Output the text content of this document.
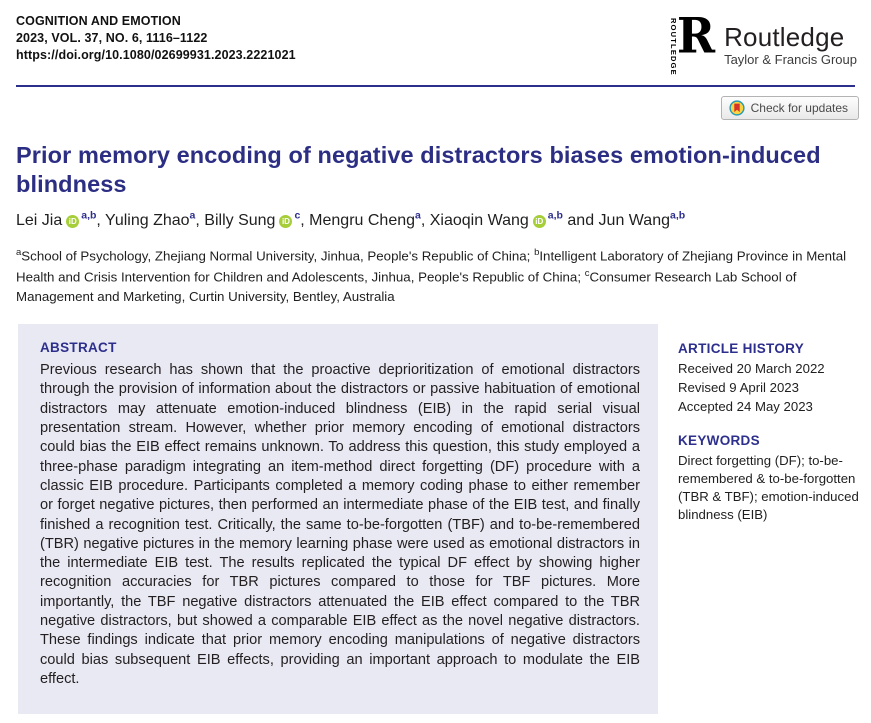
COGNITION AND EMOTION
2023, VOL. 37, NO. 6, 1116–1122
https://doi.org/10.1080/02699931.2023.2221021	ROUTLEDGE R Routledge
Taylor & Francis Group
Check for updates
Prior memory encoding of negative distractors biases emotion-induced blindness
Lei Jia iD $^{a,b}$, Yuling Zhao$^a$, Billy Sung iD $^c$, Mengru Cheng$^a$, Xiaoqin Wang iD $^{a,b}$ and Jun Wang$^{a,b}$
$^a$School of Psychology, Zhejiang Normal University, Jinhua, People's Republic of China; $^b$Intelligent Laboratory of Zhejiang Province in Mental Health and Crisis Intervention for Children and Adolescents, Jinhua, People's Republic of China; $^c$Consumer Research Lab School of Management and Marketing, Curtin University, Bentley, Australia
ABSTRACT
Previous research has shown that the proactive deprioritization of emotional distractors through the provision of information about the distractors or passive habituation of emotional distractors may attenuate emotion-induced blindness (EIB) in the rapid serial visual presentation stream. However, whether prior memory encoding of emotional distractors could bias the EIB effect remains unknown. To address this question, this study employed a three-phase paradigm integrating an item-method direct forgetting (DF) procedure with a classic EIB procedure. Participants completed a memory coding phase to either remember or forget negative pictures, then performed an intermediate phase of the EIB test, and finally finished a recognition test. Critically, the same to-be-forgotten (TBF) and to-be-remembered (TBR) negative pictures in the memory learning phase were used as emotional distractors in the intermediate EIB test. The results replicated the typical DF effect by showing higher recognition accuracies for TBR pictures compared to those for TBF pictures. More importantly, the TBF negative distractors attenuated the EIB effect compared to the TBR negative distractors, but showed a comparable EIB effect as the novel negative distractors. These findings indicate that prior memory encoding manipulations of negative distractors could bias subsequent EIB effects, providing an important approach to modulate the EIB effect.
ARTICLE HISTORY
Received 20 March 2022
Revised 9 April 2023
Accepted 24 May 2023
KEYWORDS
Direct forgetting (DF); to-be-remembered & to-be-forgotten (TBR & TBF); emotion-induced blindness (EIB)
